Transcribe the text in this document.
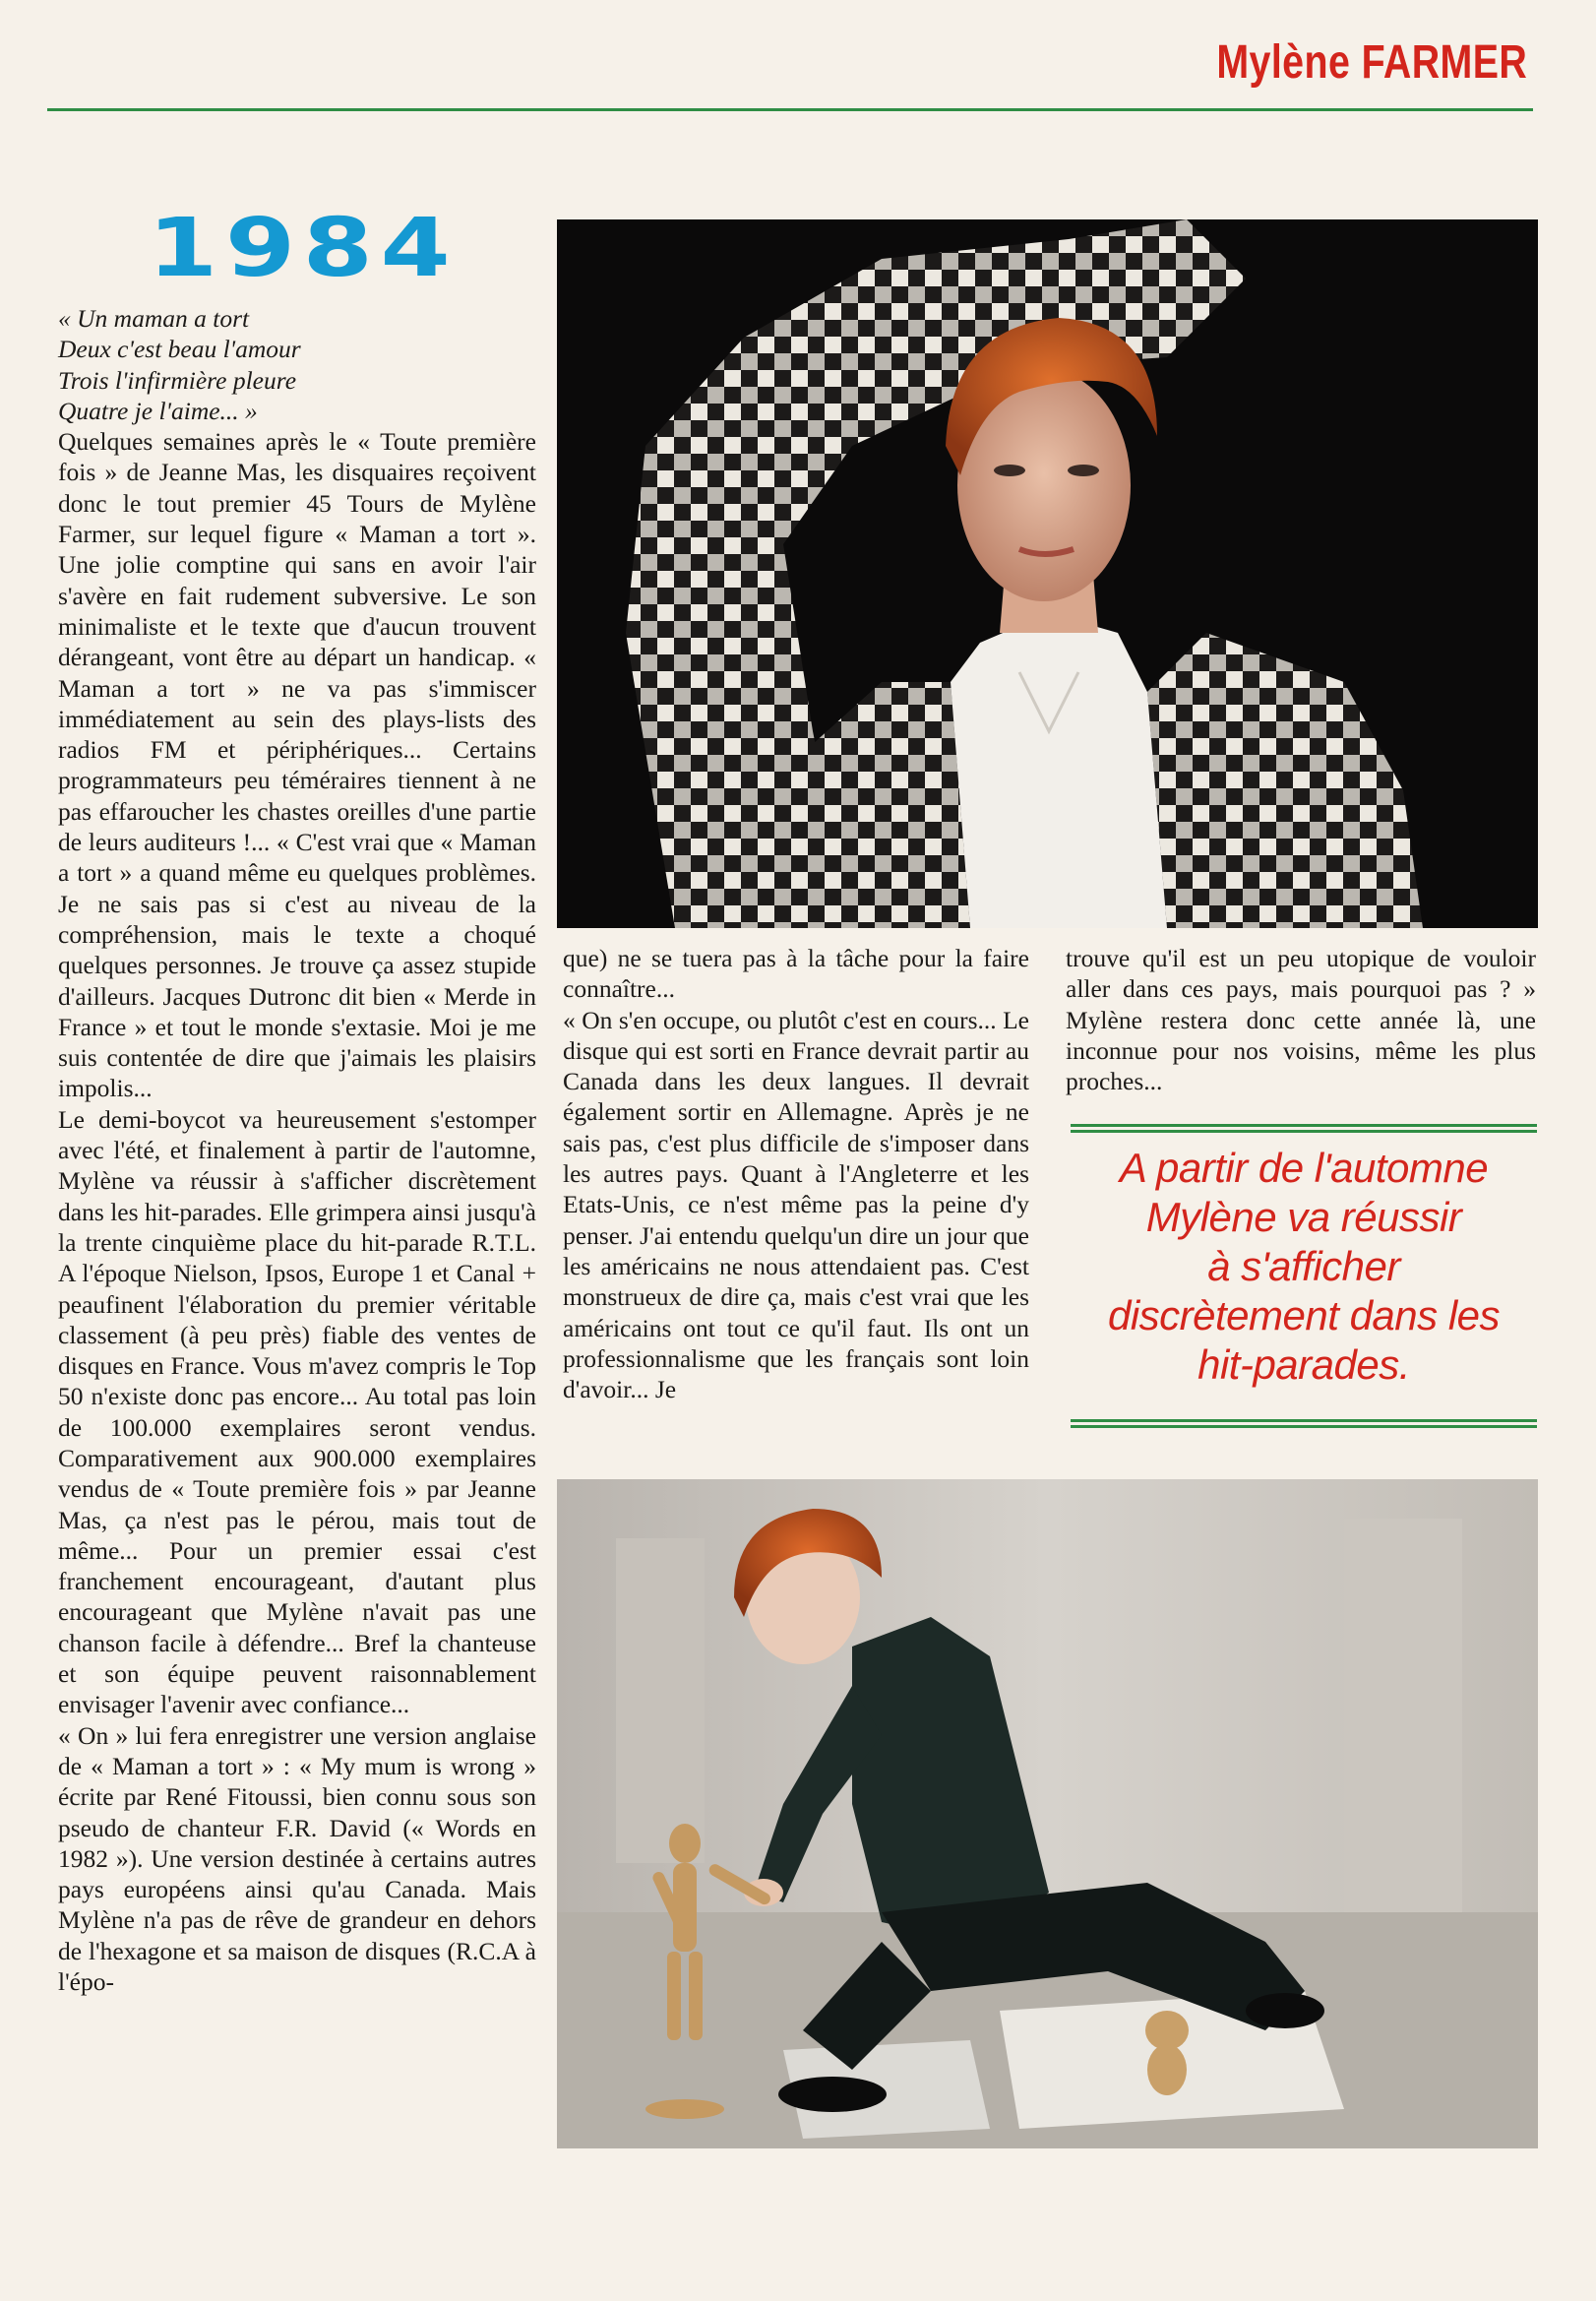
Mylène FARMER
1984
« Un maman a tort
Deux c'est beau l'amour
Trois l'infirmière pleure
Quatre je l'aime... »

Quelques semaines après le « Toute première fois » de Jeanne Mas, les disquaires reçoivent donc le tout premier 45 Tours de Mylène Farmer, sur lequel figure « Maman a tort ». Une jolie comptine qui sans en avoir l'air s'avère en fait rudement subversive. Le son minimaliste et le texte que d'aucun trouvent dérangeant, vont être au départ un handicap. « Maman a tort » ne va pas s'immiscer immédiatement au sein des plays-lists des radios FM et périphériques... Certains programmateurs peu téméraires tiennent à ne pas effaroucher les chastes oreilles d'une partie de leurs auditeurs !... « C'est vrai que « Maman a tort » a quand même eu quelques problèmes. Je ne sais pas si c'est au niveau de la compréhension, mais le texte a choqué quelques personnes. Je trouve ça assez stupide d'ailleurs. Jacques Dutronc dit bien « Merde in France » et tout le monde s'extasie. Moi je me suis contentée de dire que j'aimais les plaisirs impolis...

Le demi-boycot va heureusement s'estomper avec l'été, et finalement à partir de l'automne, Mylène va réussir à s'afficher discrètement dans les hit-parades. Elle grimpera ainsi jusqu'à la trente cinquième place du hit-parade R.T.L. A l'époque Nielson, Ipsos, Europe 1 et Canal + peaufinent l'élaboration du premier véritable classement (à peu près) fiable des ventes de disques en France. Vous m'avez compris le Top 50 n'existe donc pas encore... Au total pas loin de 100.000 exemplaires seront vendus. Comparativement aux 900.000 exemplaires vendus de « Toute première fois » par Jeanne Mas, ça n'est pas le pérou, mais tout de même... Pour un premier essai c'est franchement encourageant, d'autant plus encourageant que Mylène n'avait pas une chanson facile à défendre... Bref la chanteuse et son équipe peuvent raisonnablement envisager l'avenir avec confiance...

« On » lui fera enregistrer une version anglaise de « Maman a tort » : « My mum is wrong » écrite par René Fitoussi, bien connu sous son pseudo de chanteur F.R. David (« Words en 1982 »). Une version destinée à certains autres pays européens ainsi qu'au Canada. Mais Mylène n'a pas de rêve de grandeur en dehors de l'hexagone et sa maison de disques (R.C.A à l'épo-

que) ne se tuera pas à la tâche pour la faire connaître...

« On s'en occupe, ou plutôt c'est en cours... Le disque qui est sorti en France devrait partir au Canada dans les deux langues. Il devrait également sortir en Allemagne. Après je ne sais pas, c'est plus difficile de s'imposer dans les autres pays. Quant à l'Angleterre et les Etats-Unis, ce n'est même pas la peine d'y penser. J'ai entendu quelqu'un dire un jour que les américains ne nous attendaient pas. C'est monstrueux de dire ça, mais c'est vrai que les américains ont tout ce qu'il faut. Ils ont un professionnalisme que les français sont loin d'avoir... Je

trouve qu'il est un peu utopique de vouloir aller dans ces pays, mais pourquoi pas ? » Mylène restera donc cette année là, une inconnue pour nos voisins, même les plus proches...

A partir de l'automne
Mylène va réussir
à s'afficher
discrètement dans les
hit-parades.
